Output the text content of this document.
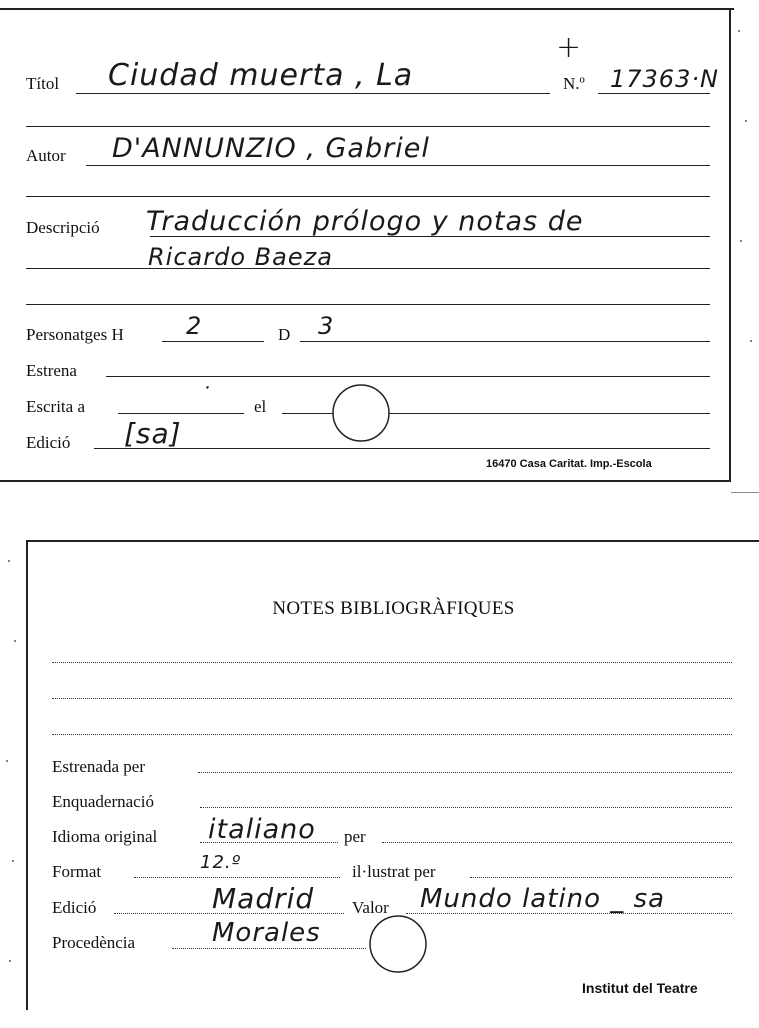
Títol Ciudad muerta , La
+
N.º 17363·N
Autor D'ANNUNZIO , Gabriel
Descripció Traducción prólogo y notas de
Ricardo Baeza
Personatges H	2	D 3
Estrena
Escrita a	˙ el
Edició [sa]
16470 Casa Caritat. Imp.-Escola
NOTES BIBLIOGRÀFIQUES
Estrenada per
Enquadernació
Idioma original italiano per
Format	12.º	il·lustrat per
Edició	Madrid Valor Mundo latino _ sa
Procedència	Morales
Institut del Teatre
